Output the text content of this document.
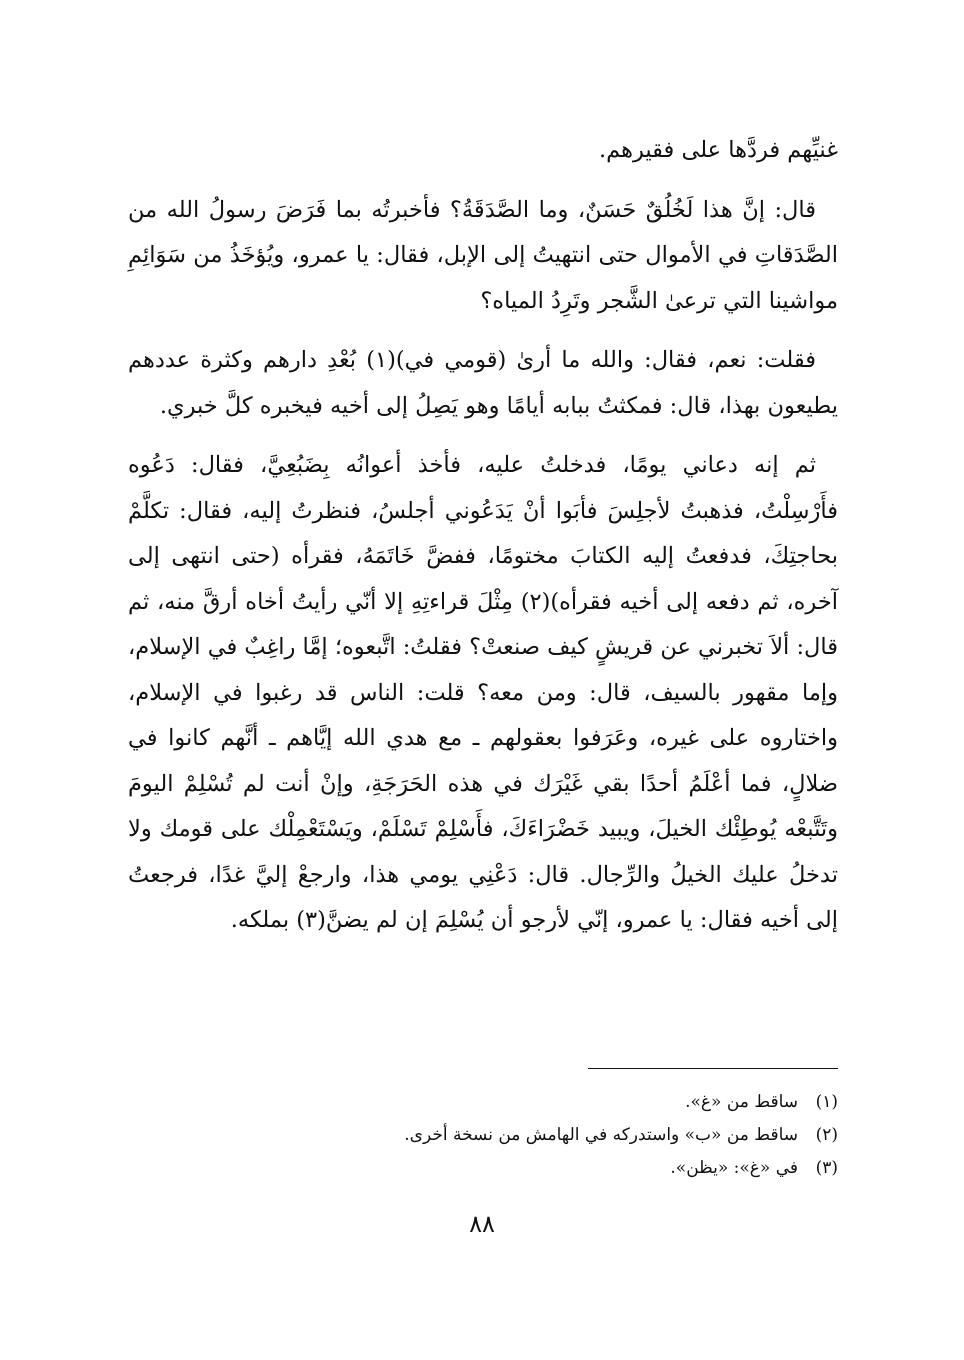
غنيِّهم فردَّها على فقيرهم.

قال: إنَّ هذا لَخُلُقٌ حَسَنٌ، وما الصَّدَقَةُ؟ فأخبرتُه بما فَرَضَ رسولُ الله من الصَّدَقاتِ في الأموال حتى انتهيتُ إلى الإبل، فقال: يا عمرو، ويُؤخَذُ من سَوَائِمِ مواشينا التي ترعىٰ الشَّجر وتَرِدُ المياه؟

فقلت: نعم، فقال: والله ما أرىٰ (قومي في)(١) بُعْدِ دارهم وكثرة عددهم يطيعون بهذا، قال: فمكثتُ ببابه أيامًا وهو يَصِلُ إلى أخيه فيخبره كلَّ خبري.

ثم إنه دعاني يومًا، فدخلتُ عليه، فأخذ أعوانُه بِضَبُعِيَّ، فقال: دَعُوه فأَرْسِلْتُ، فذهبتُ لأجلِسَ فأبَوا أنْ يَدَعُوني أجلسُ، فنظرتُ إليه، فقال: تكلَّمْ بحاجتِكَ، فدفعتُ إليه الكتابَ مختومًا، ففضَّ خَاتَمَهُ، فقرأه (حتى انتهى إلى آخره، ثم دفعه إلى أخيه فقرأه)(٢) مِثْلَ قراءتِهِ إلا أنّي رأيتُ أخاه أرقَّ منه، ثم قال: ألاَ تخبرني عن قريشٍ كيف صنعتْ؟ فقلتُ: اتَّبعوه؛ إمَّا راغِبٌ في الإسلام، وإما مقهور بالسيف، قال: ومن معه؟ قلت: الناس قد رغبوا في الإسلام، واختاروه على غيره، وعَرَفوا بعقولهم ـ مع هدي الله إيَّاهم ـ أنَّهم كانوا في ضلالٍ، فما أعْلَمُ أحدًا بقي غَيْرَك في هذه الحَرَجَةِ، وإنْ أنت لم تُسْلِمْ اليومَ وتَتَّبعْه يُوطِئْك الخيلَ، ويبيد خَضْرَاءَكَ، فأَسْلِمْ تَسْلَمْ، ويَسْتَعْمِلْك على قومك ولا تدخلُ عليك الخيلُ والرِّجال. قال: دَعْنِي يومي هذا، وارجعْ إليَّ غدًا، فرجعتُ إلى أخيه فقال: يا عمرو، إنّي لأرجو أن يُسْلِمَ إن لم يضنَّ(٣) بملكه.

(١)
ساقط من «غ».
(٢)
ساقط من «ب» واستدركه في الهامش من نسخة أخرى.
(٣)
في «غ»: «يظن».
٨٨
